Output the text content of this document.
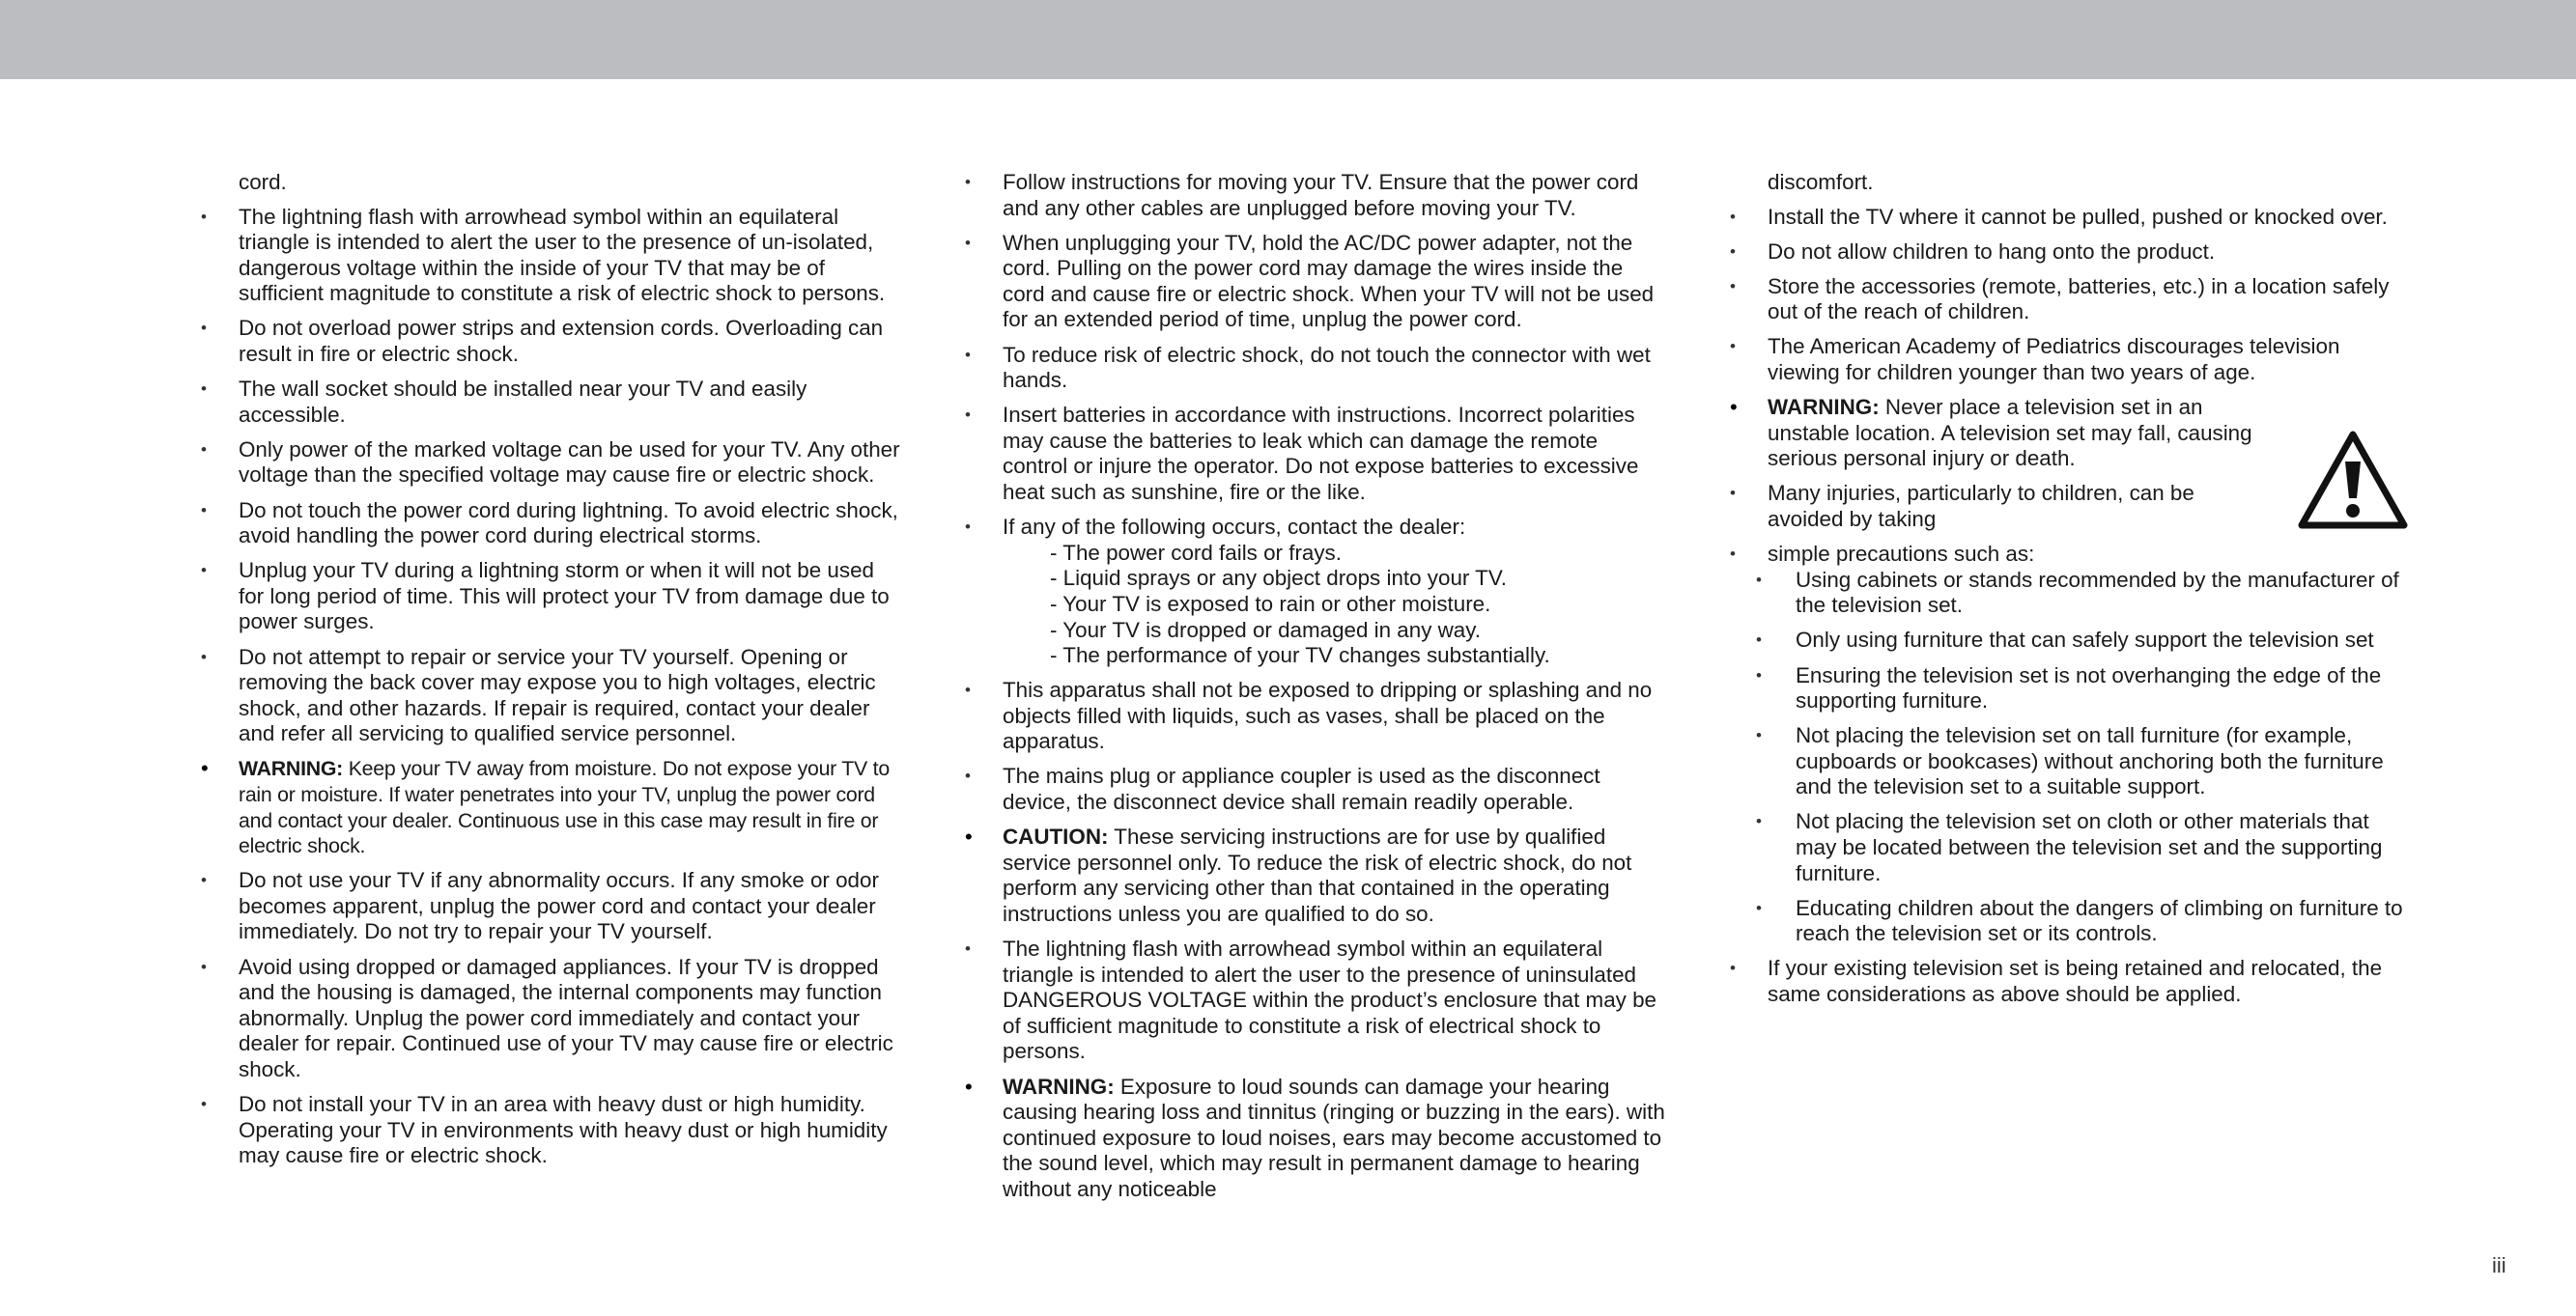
cord.
• The lightning flash with arrowhead symbol within an equilateral triangle is intended to alert the user to the presence of un-isolated, dangerous voltage within the inside of your TV that may be of sufficient magnitude to constitute a risk of electric shock to persons.
• Do not overload power strips and extension cords. Overloading can result in fire or electric shock.
• The wall socket should be installed near your TV and easily accessible.
• Only power of the marked voltage can be used for your TV. Any other voltage than the specified voltage may cause fire or electric shock.
• Do not touch the power cord during lightning. To avoid electric shock, avoid handling the power cord during electrical storms.
• Unplug your TV during a lightning storm or when it will not be used for long period of time. This will protect your TV from damage due to power surges.
• Do not attempt to repair or service your TV yourself. Opening or removing the back cover may expose you to high voltages, electric shock, and other hazards. If repair is required, contact your dealer and refer all servicing to qualified service personnel.
• WARNING: Keep your TV away from moisture. Do not expose your TV to rain or moisture. If water penetrates into your TV, unplug the power cord and contact your dealer. Continuous use in this case may result in fire or electric shock.
• Do not use your TV if any abnormality occurs. If any smoke or odor becomes apparent, unplug the power cord and contact your dealer immediately. Do not try to repair your TV yourself.
• Avoid using dropped or damaged appliances. If your TV is dropped and the housing is damaged, the internal components may function abnormally. Unplug the power cord immediately and contact your dealer for repair. Continued use of your TV may cause fire or electric shock.
• Do not install your TV in an area with heavy dust or high humidity. Operating your TV in environments with heavy dust or high humidity may cause fire or electric shock.
• Follow instructions for moving your TV. Ensure that the power cord and any other cables are unplugged before moving your TV.
• When unplugging your TV, hold the AC/DC power adapter, not the cord. Pulling on the power cord may damage the wires inside the cord and cause fire or electric shock. When your TV will not be used for an extended period of time, unplug the power cord.
• To reduce risk of electric shock, do not touch the connector with wet hands.
• Insert batteries in accordance with instructions. Incorrect polarities may cause the batteries to leak which can damage the remote control or injure the operator. Do not expose batteries to excessive heat such as sunshine, fire or the like.
• If any of the following occurs, contact the dealer:
- The power cord fails or frays.
- Liquid sprays or any object drops into your TV.
- Your TV is exposed to rain or other moisture.
- Your TV is dropped or damaged in any way.
- The performance of your TV changes substantially.
• This apparatus shall not be exposed to dripping or splashing and no objects filled with liquids, such as vases, shall be placed on the apparatus.
• The mains plug or appliance coupler is used as the disconnect device, the disconnect device shall remain readily operable.
• CAUTION: These servicing instructions are for use by qualified service personnel only. To reduce the risk of electric shock, do not perform any servicing other than that contained in the operating instructions unless you are qualified to do so.
• The lightning flash with arrowhead symbol within an equilateral triangle is intended to alert the user to the presence of uninsulated DANGEROUS VOLTAGE within the product’s enclosure that may be of sufficient magnitude to constitute a risk of electrical shock to persons.
• WARNING: Exposure to loud sounds can damage your hearing causing hearing loss and tinnitus (ringing or buzzing in the ears). with continued exposure to loud noises, ears may become accustomed to the sound level, which may result in permanent damage to hearing without any noticeable
discomfort.
• Install the TV where it cannot be pulled, pushed or knocked over.
• Do not allow children to hang onto the product.
• Store the accessories (remote, batteries, etc.) in a location safely out of the reach of children.
• The American Academy of Pediatrics discourages television viewing for children younger than two years of age.
• WARNING: Never place a television set in an
unstable location. A television set may fall, causing
serious personal injury or death.
• Many injuries, particularly to children, can be
avoided by taking
• simple precautions such as:
• Using cabinets or stands recommended by the manufacturer of the television set.
• Only using furniture that can safely support the television set
• Ensuring the television set is not overhanging the edge of the supporting furniture.
• Not placing the television set on tall furniture (for example, cupboards or bookcases) without anchoring both the furniture and the television set to a suitable support.
• Not placing the television set on cloth or other materials that may be located between the television set and the supporting furniture.
• Educating children about the dangers of climbing on furniture to reach the television set or its controls.
• If your existing television set is being retained and relocated, the same considerations as above should be applied.
iii
